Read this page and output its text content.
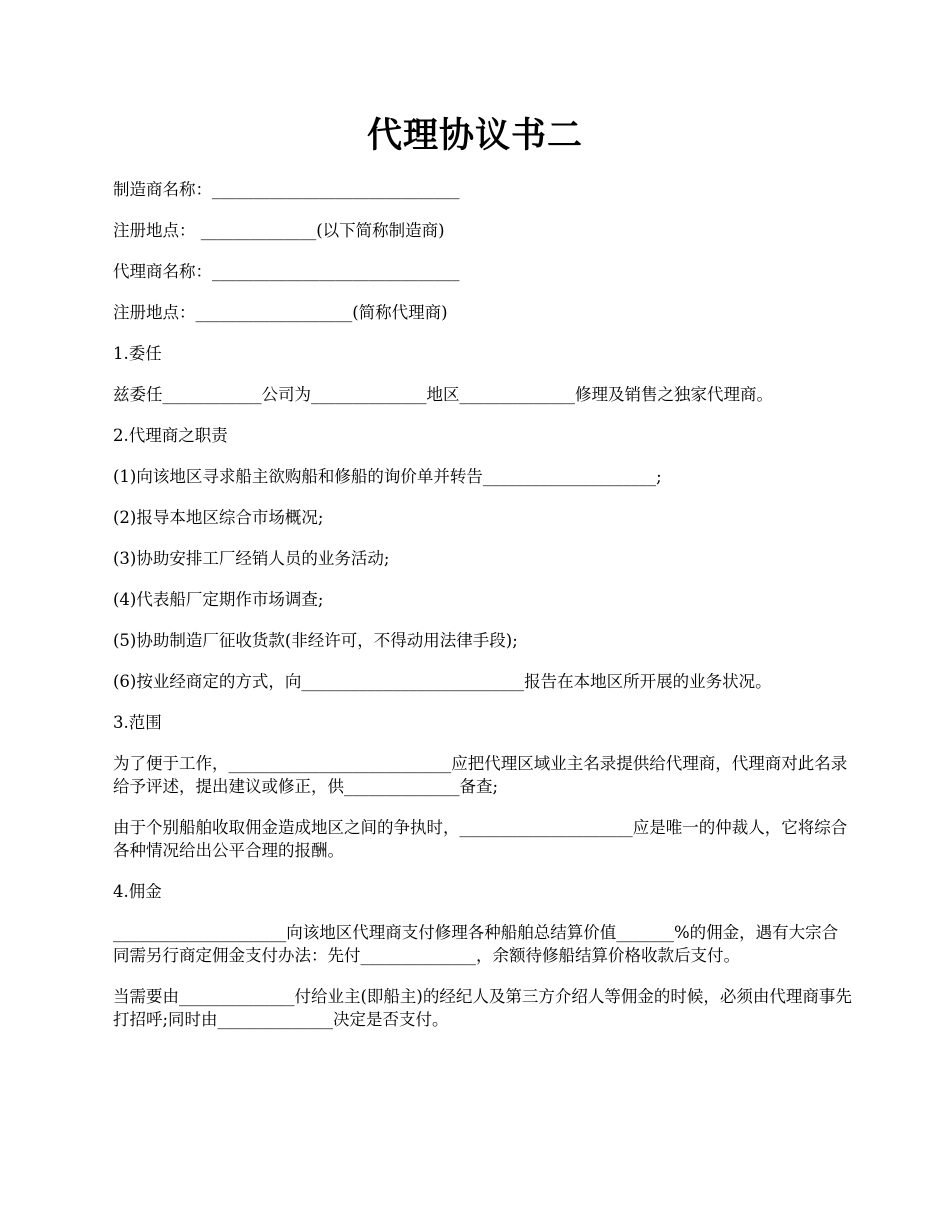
代理协议书二

制造商名称：______________________________

注册地点： ______________(以下简称制造商)

代理商名称：______________________________

注册地点：___________________(简称代理商)

1.委任

兹委任____________公司为______________地区______________修理及销售之独家代理商。

2.代理商之职责

(1)向该地区寻求船主欲购船和修船的询价单并转告_____________________;

(2)报导本地区综合市场概况;

(3)协助安排工厂经销人员的业务活动;

(4)代表船厂定期作市场调查;

(5)协助制造厂征收货款(非经许可，不得动用法律手段);

(6)按业经商定的方式，向___________________________报告在本地区所开展的业务状况。

3.范围

为了便于工作，___________________________应把代理区域业主名录提供给代理商，代理商对此名录给予评述，提出建议或修正，供______________备查;

由于个别船舶收取佣金造成地区之间的争执时，_____________________应是唯一的仲裁人，它将综合各种情况给出公平合理的报酬。

4.佣金

_____________________向该地区代理商支付修理各种船舶总结算价值_______%的佣金，遇有大宗合同需另行商定佣金支付办法：先付______________，余额待修船结算价格收款后支付。

当需要由______________付给业主(即船主)的经纪人及第三方介绍人等佣金的时候，必须由代理商事先打招呼;同时由______________决定是否支付。
